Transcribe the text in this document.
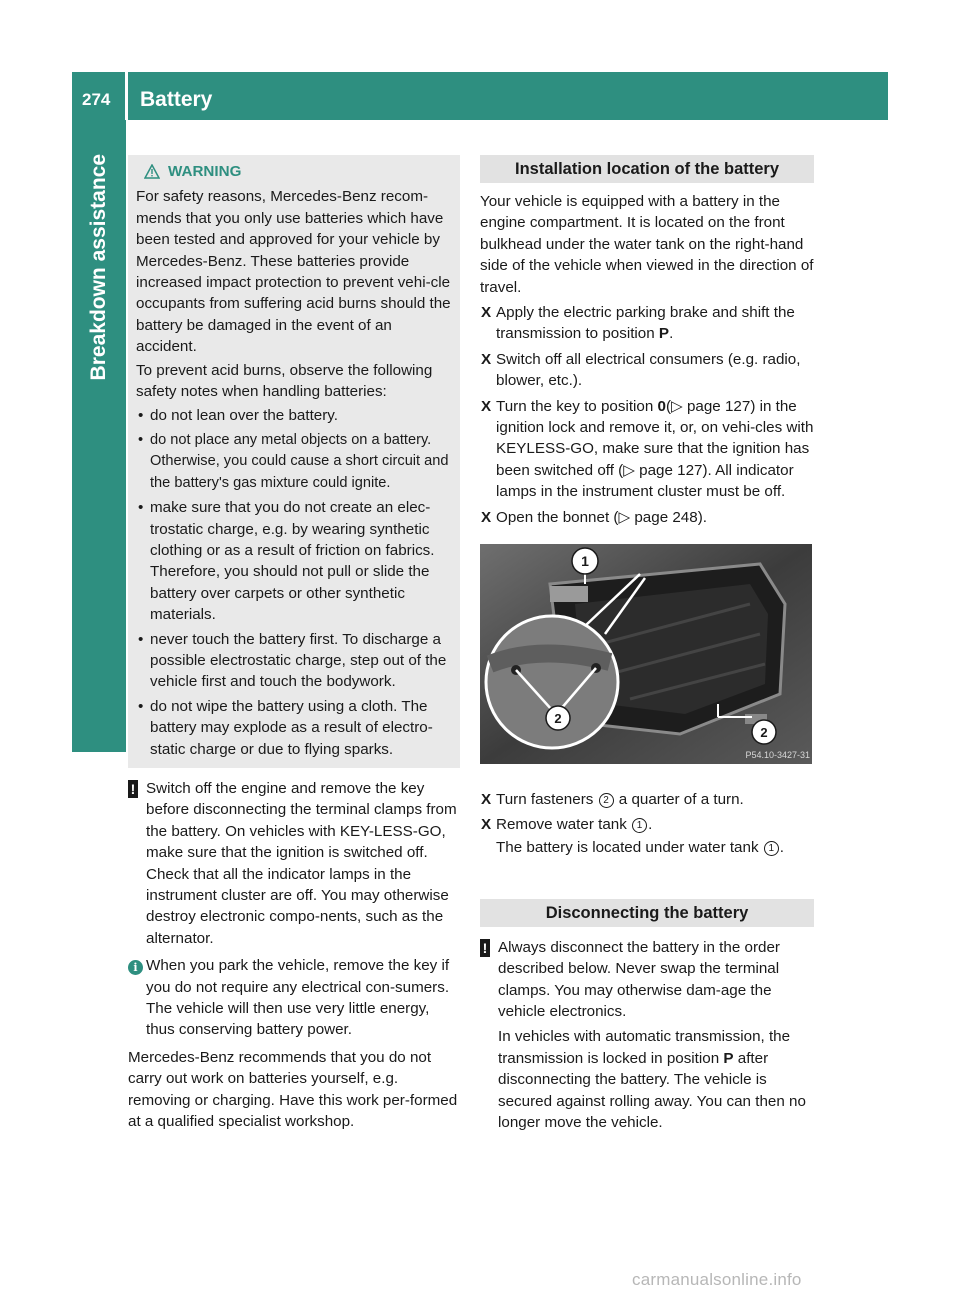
274 Battery
Breakdown assistance	WARNING

For safety reasons, Mercedes-Benz recom-mends that you only use batteries which have been tested and approved for your vehicle by Mercedes-Benz. These batteries provide increased impact protection to prevent vehi-cle occupants from suffering acid burns should the battery be damaged in the event of an accident.

To prevent acid burns, observe the following safety notes when handling batteries:

• do not lean over the battery.
• do not place any metal objects on a battery. Otherwise, you could cause a short circuit and the battery's gas mixture could ignite.
• make sure that you do not create an elec-trostatic charge, e.g. by wearing synthetic clothing or as a result of friction on fabrics. Therefore, you should not pull or slide the battery over carpets or other synthetic materials.
• never touch the battery first. To discharge a possible electrostatic charge, step out of the vehicle first and touch the bodywork.
• do not wipe the battery using a cloth. The battery may explode as a result of electro-static charge or due to flying sparks.
! Switch off the engine and remove the key before disconnecting the terminal clamps from the battery. On vehicles with KEY-LESS-GO, make sure that the ignition is switched off. Check that all the indicator lamps in the instrument cluster are off. You may otherwise destroy electronic compo-nents, such as the alternator.
i When you park the vehicle, remove the key if you do not require any electrical con-sumers. The vehicle will then use very little energy, thus conserving battery power.

Mercedes-Benz recommends that you do not carry out work on batteries yourself, e.g. removing or charging. Have this work per-formed at a qualified specialist workshop.

Installation location of the battery

Your vehicle is equipped with a battery in the engine compartment. It is located on the front bulkhead under the water tank on the right-hand side of the vehicle when viewed in the direction of travel.

X Apply the electric parking brake and shift the transmission to position P.
X Switch off all electrical consumers (e.g. radio, blower, etc.).
X Turn the key to position 0(▷ page 127) in the ignition lock and remove it, or, on vehi-cles with KEYLESS-GO, make sure that the ignition has been switched off (▷ page 127). All indicator lamps in the instrument cluster must be off.
X Open the bonnet (▷ page 248).
1
2
2
P54.10-3427-31
X Turn fasteners 2 a quarter of a turn.
X Remove water tank 1 .
The battery is located under water tank 1 .
Disconnecting the battery
! Always disconnect the battery in the order described below. Never swap the terminal clamps. You may otherwise dam-age the vehicle electronics.

In vehicles with automatic transmission, the transmission is locked in position P after disconnecting the battery. The vehicle is secured against rolling away. You can then no longer move the vehicle.

carmanualsonline.info
